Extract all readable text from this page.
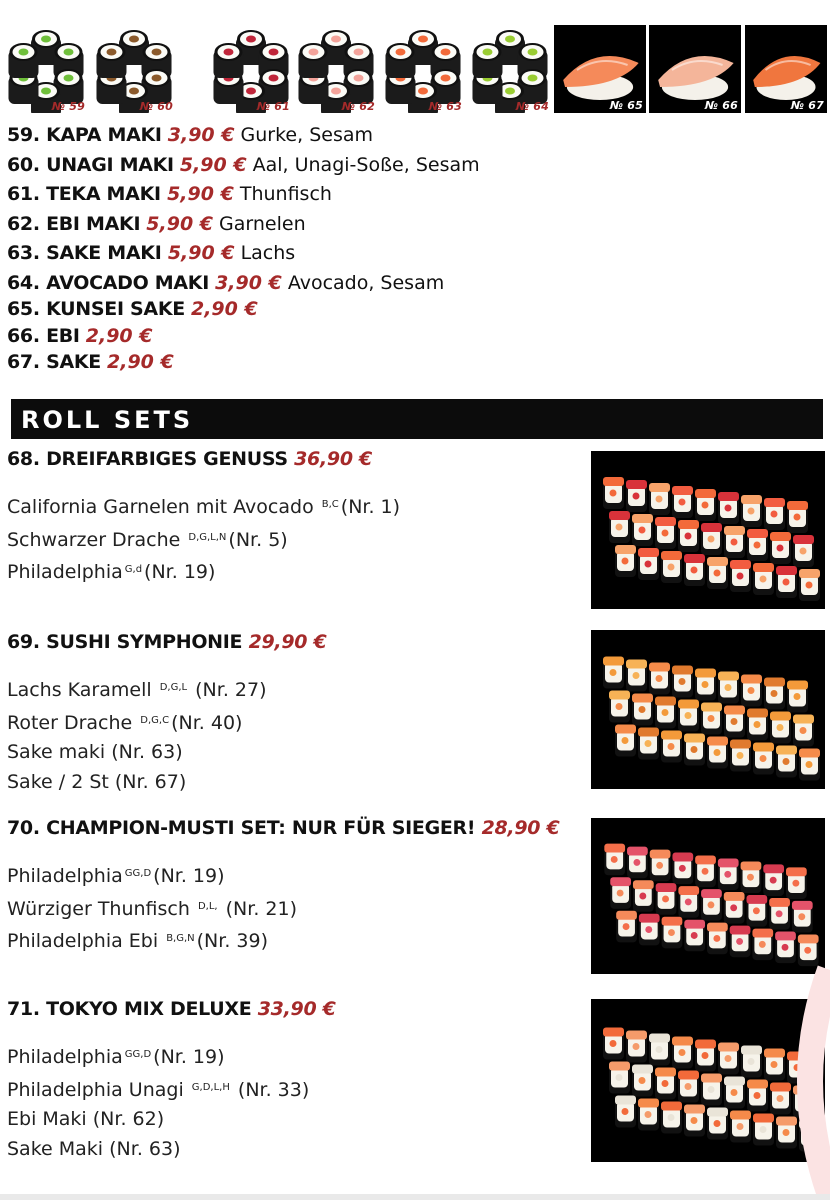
№ 59	№ 60	№ 61	№ 62	№ 63	№ 64	№ 65	№ 66	№ 67
59. KAPA MAKI 3,90 € Gurke, Sesam
60. UNAGI MAKI 5,90 € Aal, Unagi-Soße, Sesam
61. TEKA MAKI 5,90 € Thunfisch
62. EBI MAKI 5,90 € Garnelen
63. SAKE MAKI 5,90 € Lachs
64. AVOCADO MAKI 3,90 € Avocado, Sesam
65. KUNSEI SAKE 2,90 €
66. EBI 2,90 €
67. SAKE 2,90 €
ROLL SETS
68. DREIFARBIGES GENUSS 36,90 €
California Garnelen mit Avocado $^{B,C}$ (Nr. 1)
Schwarzer Drache $^{D,G,L,N}$ (Nr. 5)
Philadelphia $^{G,d}$ (Nr. 19)
69. SUSHI SYMPHONIE 29,90 €
Lachs Karamell $^{D,G,L}$ (Nr. 27)
Roter Drache $^{D,G,C}$ (Nr. 40)
Sake maki (Nr. 63)
Sake / 2 St (Nr. 67)
70. CHAMPION-MUSTI SET: NUR FÜR SIEGER! 28,90 €
Philadelphia $^{GG,D}$ (Nr. 19)
Würziger Thunfisch $^{D,L,}$ (Nr. 21)
Philadelphia Ebi $^{B,G,N}$ (Nr. 39)
71. TOKYO MIX DELUXE 33,90 €
Philadelphia $^{GG,D}$ (Nr. 19)
Philadelphia Unagi $^{G,D,L,H}$ (Nr. 33)
Ebi Maki (Nr. 62)
Sake Maki (Nr. 63)
